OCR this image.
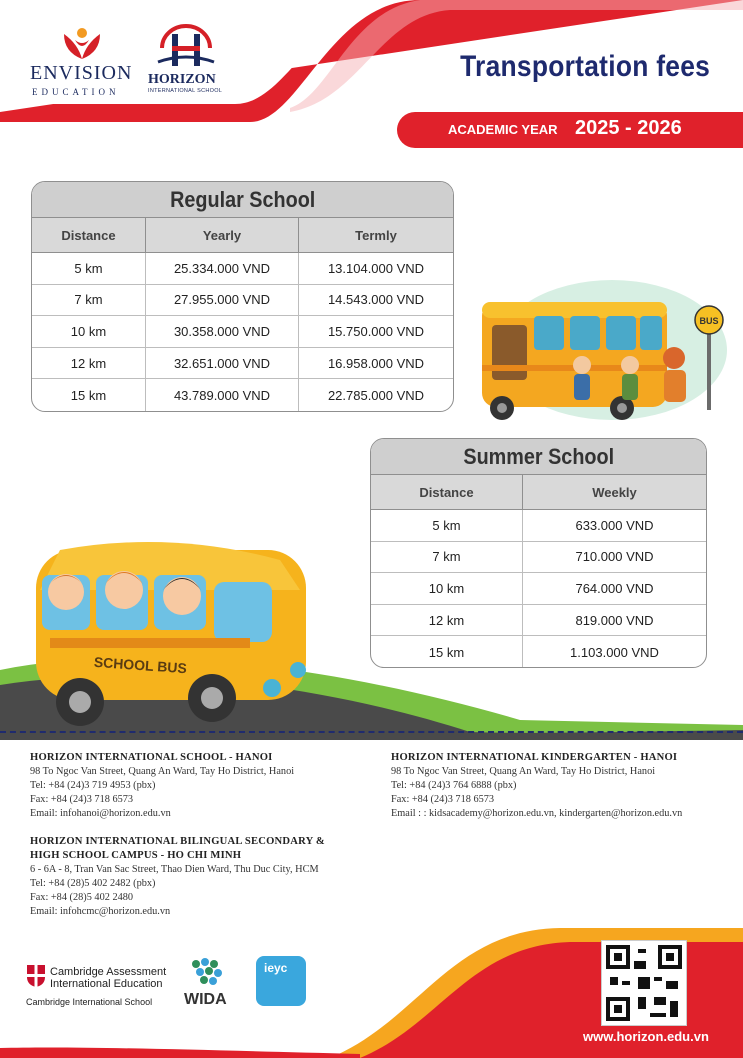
ENVISION
EDUCATION
HORIZON
INTERNATIONAL SCHOOL
Transportation fees
ACADEMIC YEAR 2025 - 2026
Regular School
Distance	Yearly	Termly
5 km	25.334.000 VND	13.104.000 VND
7 km	27.955.000 VND	14.543.000 VND
10 km	30.358.000 VND	15.750.000 VND
12 km	32.651.000 VND	16.958.000 VND
15 km	43.789.000 VND	22.785.000 VND
BUS
Summer School
Distance	Weekly
5 km	633.000 VND
7 km	710.000 VND
10 km	764.000 VND
12 km	819.000 VND
15 km	1.103.000 VND
SCHOOL BUS
HORIZON INTERNATIONAL SCHOOL - HANOI
98 To Ngoc Van Street, Quang An Ward, Tay Ho District, Hanoi
Tel: +84 (24)3 719 4953 (pbx)
Fax: +84 (24)3 718 6573
Email: infohanoi@horizon.edu.vn
HORIZON INTERNATIONAL KINDERGARTEN - HANOI
98 To Ngoc Van Street, Quang An Ward, Tay Ho District, Hanoi
Tel: +84 (24)3 764 6888 (pbx)
Fax: +84 (24)3 718 6573
Email : : kidsacademy@horizon.edu.vn, kindergarten@horizon.edu.vn
HORIZON INTERNATIONAL BILINGUAL SECONDARY &
HIGH SCHOOL CAMPUS - HO CHI MINH
6 - 6A - 8, Tran Van Sac Street, Thao Dien Ward, Thu Duc City, HCM
Tel: +84 (28)5 402 2482 (pbx)
Fax: +84 (28)5 402 2480
Email: infohcmc@horizon.edu.vn
Cambridge Assessment
International Education
Cambridge International School WIDA
ieyc
www.horizon.edu.vn
